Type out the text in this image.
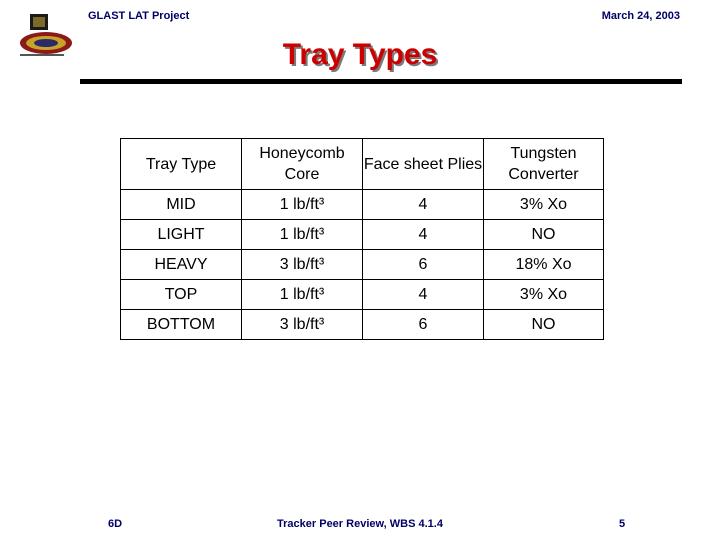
GLAST LAT Project	March 24, 2003
Tray Types
Tray Type	Honeycomb Core	Face sheet Plies	Tungsten Converter
MID	1 lb/ft³	4	3% Xo
LIGHT	1 lb/ft³	4	NO
HEAVY	3 lb/ft³	6	18% Xo
TOP	1 lb/ft³	4	3% Xo
BOTTOM	3 lb/ft³	6	NO
6D	Tracker Peer Review, WBS 4.1.4	5
